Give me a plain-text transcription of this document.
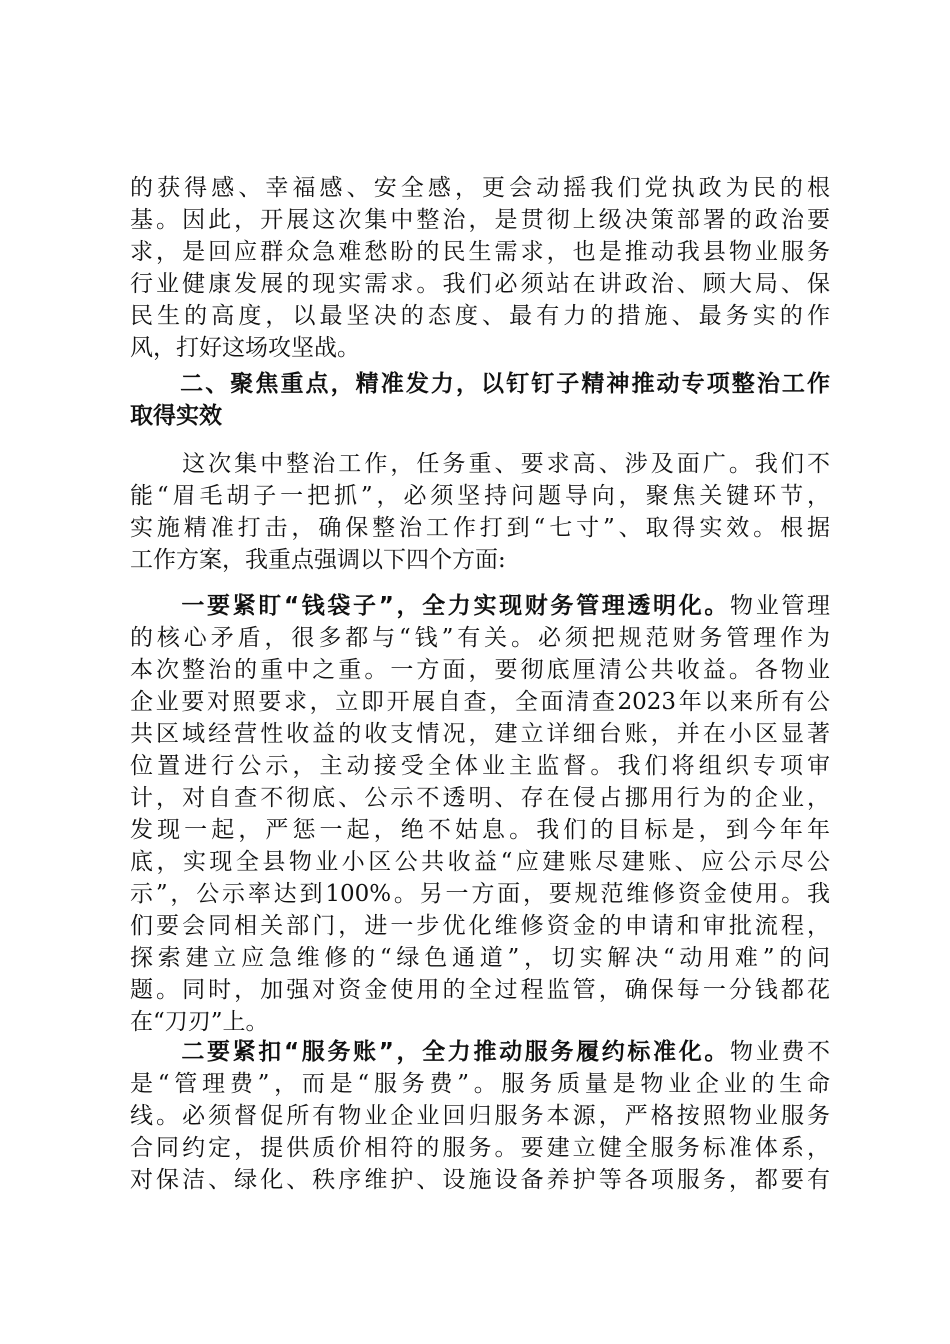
的获得感、幸福感、安全感，更会动摇我们党执政为民的根
基。因此，开展这次集中整治，是贯彻上级决策部署的政治要
求，是回应群众急难愁盼的民生需求，也是推动我县物业服务
行业健康发展的现实需求。我们必须站在讲政治、顾大局、保
民生的高度，以最坚决的态度、最有力的措施、最务实的作
风，打好这场攻坚战。
　　二、聚焦重点，精准发力，以钉钉子精神推动专项整治工作
取得实效
　　这次集中整治工作，任务重、要求高、涉及面广。我们不
能“眉毛胡子一把抓”，必须坚持问题导向，聚焦关键环节，
实施精准打击，确保整治工作打到“七寸”、取得实效。根据
工作方案，我重点强调以下四个方面:
　　一要紧盯“钱袋子”，全力实现财务管理透明化。物业管理
的核心矛盾，很多都与“钱”有关。必须把规范财务管理作为
本次整治的重中之重。一方面，要彻底厘清公共收益。各物业
企业要对照要求，立即开展自查，全面清查2023年以来所有公
共区域经营性收益的收支情况，建立详细台账，并在小区显著
位置进行公示，主动接受全体业主监督。我们将组织专项审
计，对自查不彻底、公示不透明、存在侵占挪用行为的企业，
发现一起，严惩一起，绝不姑息。我们的目标是，到今年年
底，实现全县物业小区公共收益“应建账尽建账、应公示尽公
示”，公示率达到100%。另一方面，要规范维修资金使用。我
们要会同相关部门，进一步优化维修资金的申请和审批流程，
探索建立应急维修的“绿色通道”，切实解决“动用难”的问
题。同时，加强对资金使用的全过程监管，确保每一分钱都花
在“刀刃”上。
　　二要紧扣“服务账”，全力推动服务履约标准化。物业费不
是“管理费”，而是“服务费”。服务质量是物业企业的生命
线。必须督促所有物业企业回归服务本源，严格按照物业服务
合同约定，提供质价相符的服务。要建立健全服务标准体系，
对保洁、绿化、秩序维护、设施设备养护等各项服务，都要有
